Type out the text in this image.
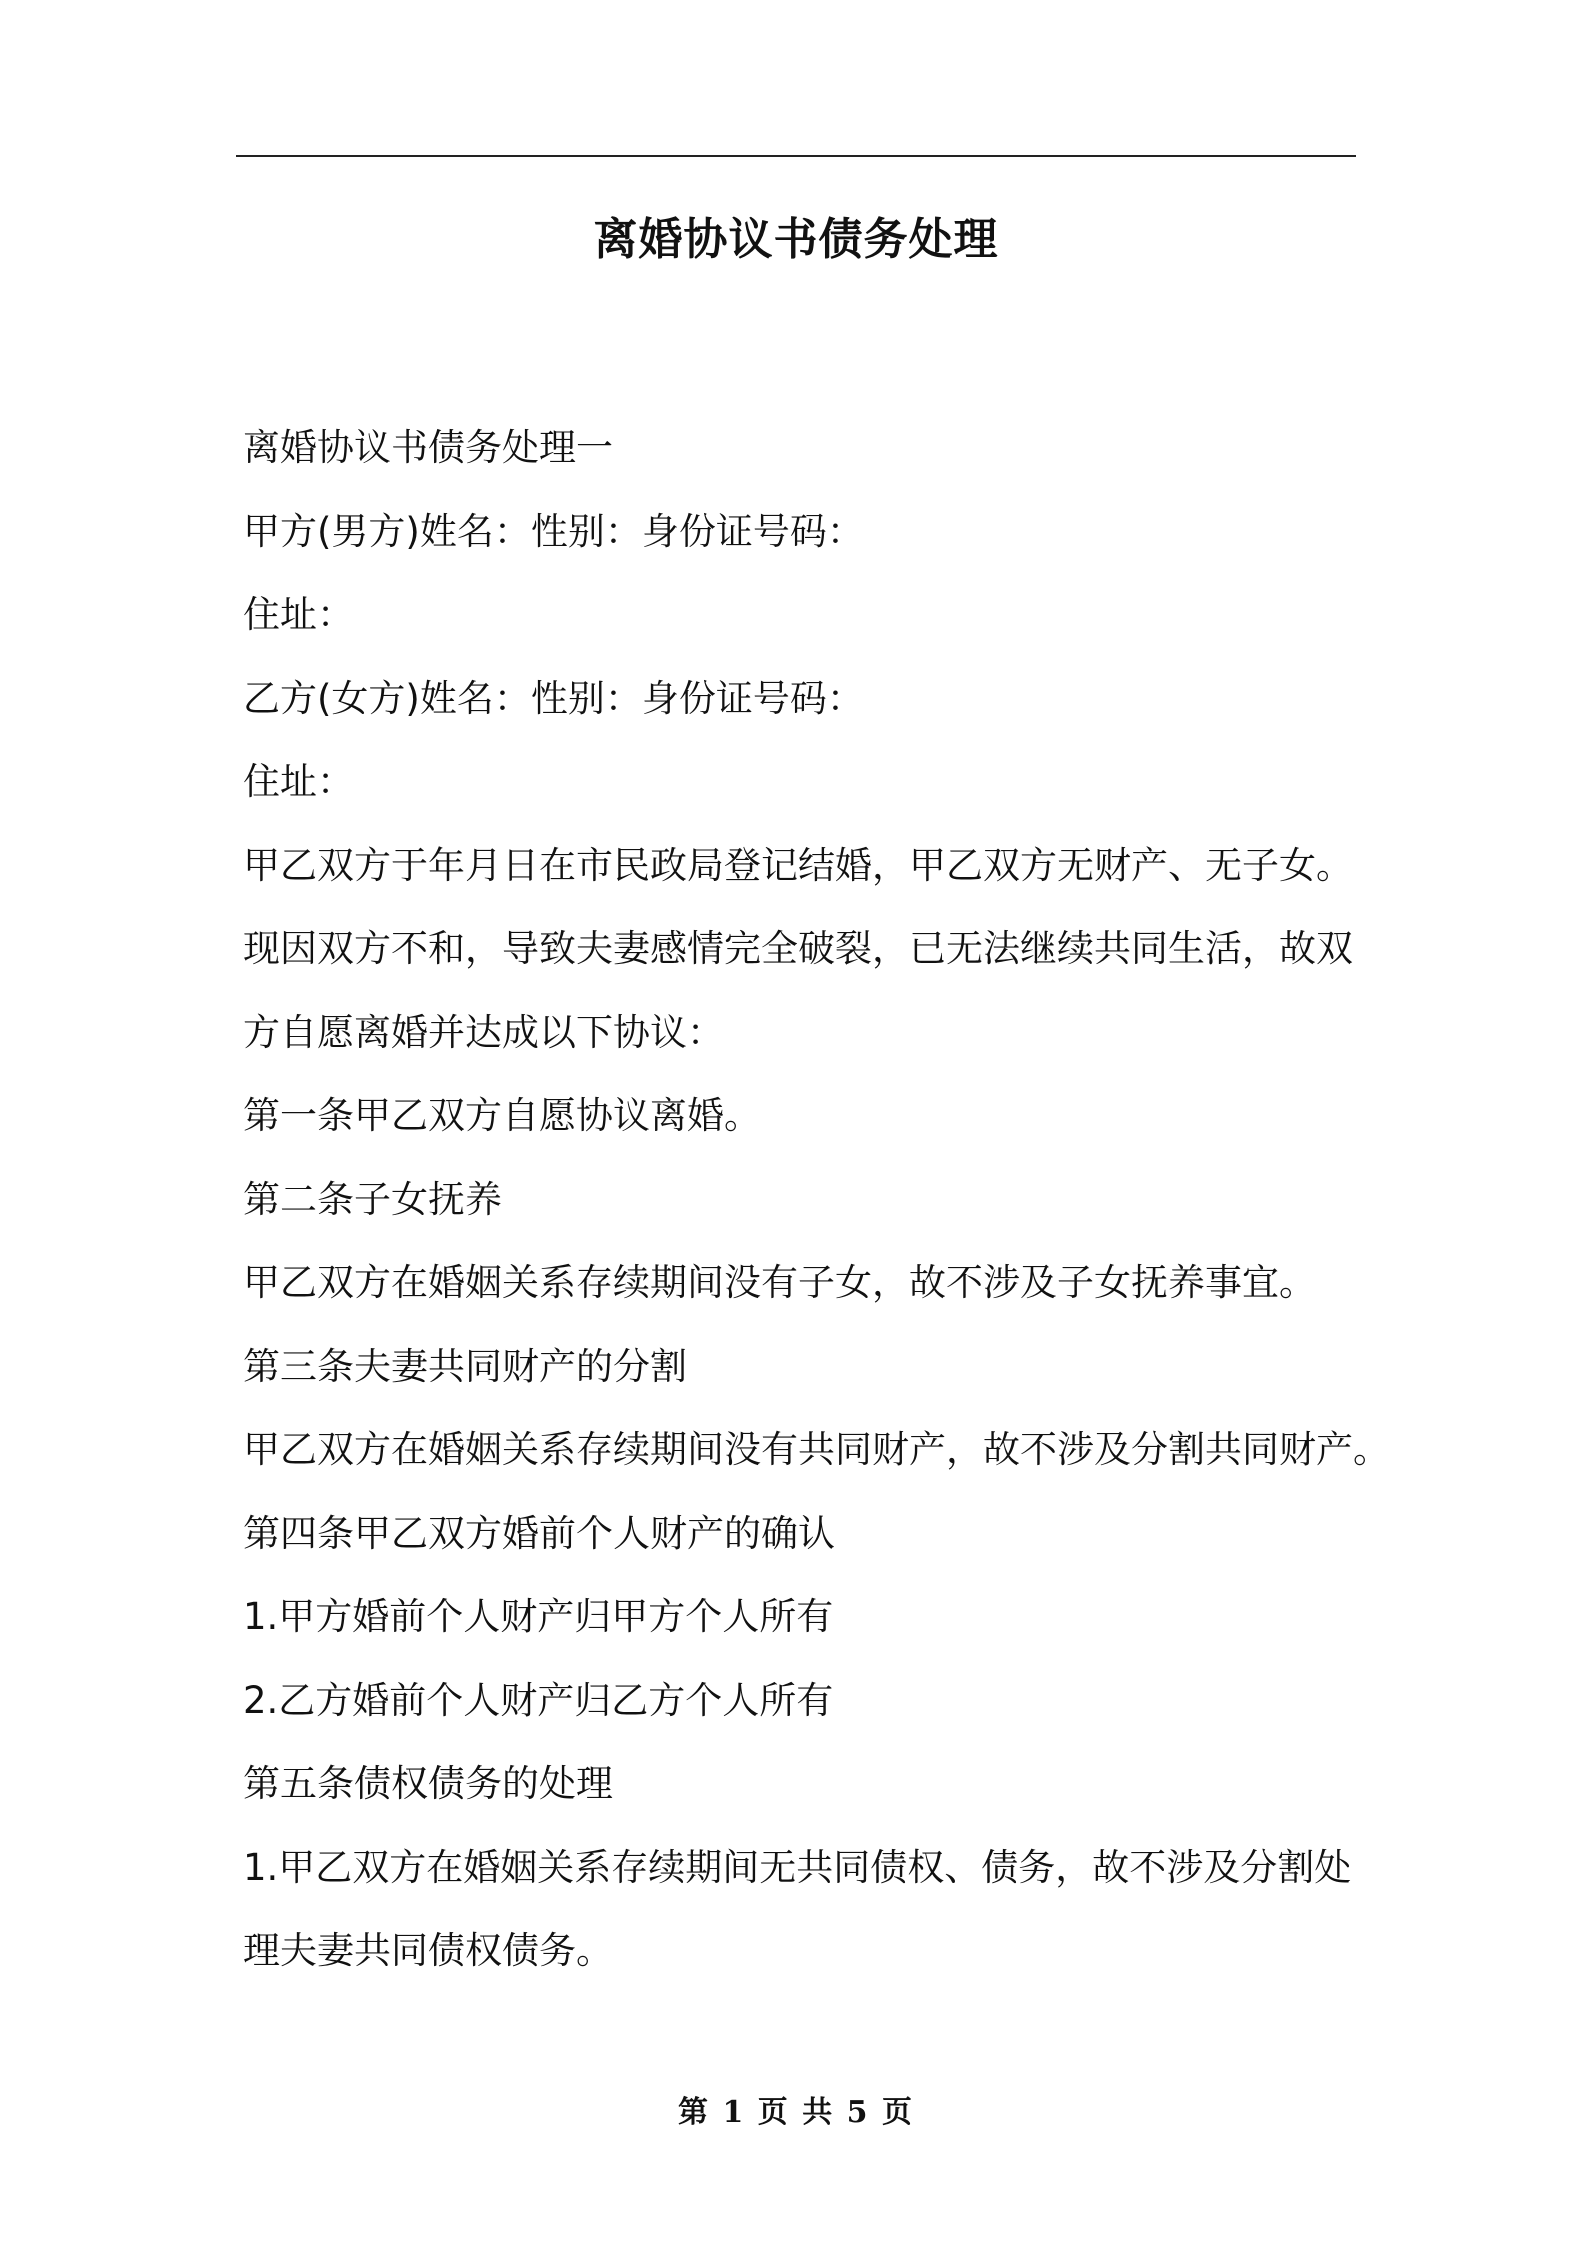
离婚协议书债务处理
离婚协议书债务处理一
甲方(男方)姓名：性别：身份证号码：
住址：
乙方(女方)姓名：性别：身份证号码：
住址：
甲乙双方于年月日在市民政局登记结婚，甲乙双方无财产、无子女。
现因双方不和，导致夫妻感情完全破裂，已无法继续共同生活，故双
方自愿离婚并达成以下协议：
第一条甲乙双方自愿协议离婚。
第二条子女抚养
甲乙双方在婚姻关系存续期间没有子女，故不涉及子女抚养事宜。
第三条夫妻共同财产的分割
甲乙双方在婚姻关系存续期间没有共同财产，故不涉及分割共同财产。
第四条甲乙双方婚前个人财产的确认
1.甲方婚前个人财产归甲方个人所有
2.乙方婚前个人财产归乙方个人所有
第五条债权债务的处理
1.甲乙双方在婚姻关系存续期间无共同债权、债务，故不涉及分割处
理夫妻共同债权债务。
第 1 页 共 5 页
